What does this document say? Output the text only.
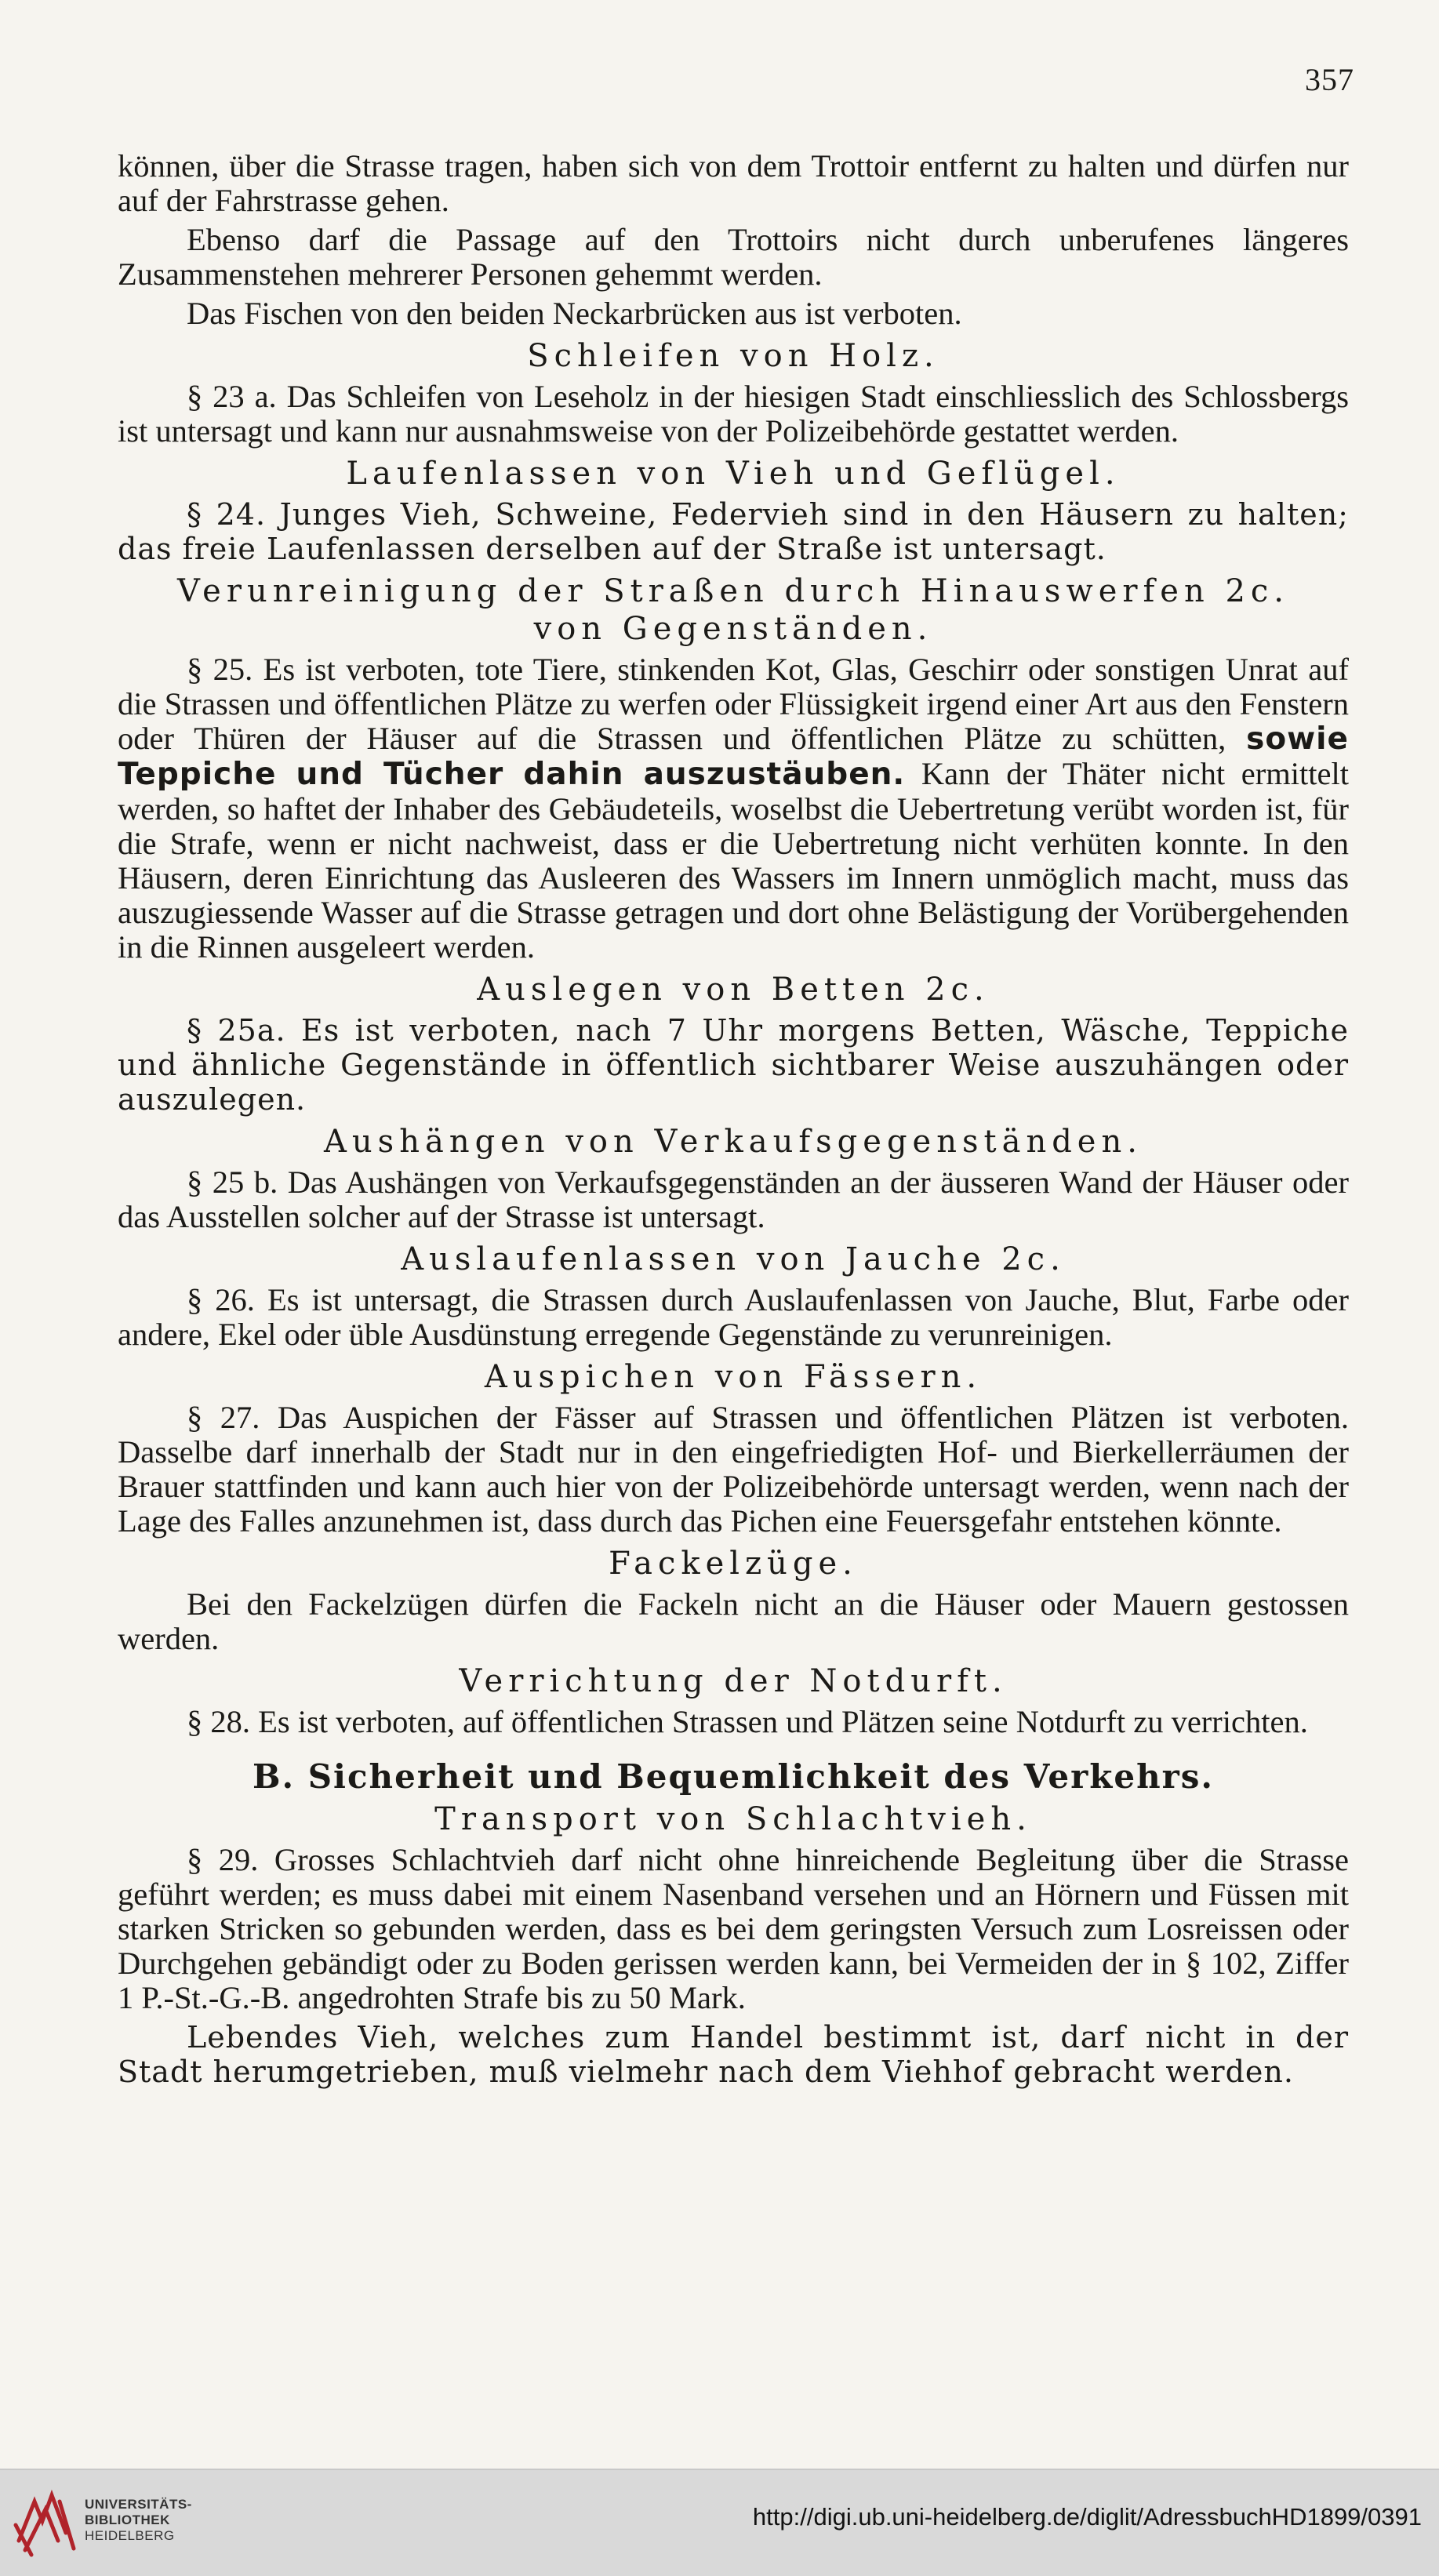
357

können, über die Strasse tragen, haben sich von dem Trottoir entfernt zu halten und dürfen nur auf der Fahrstrasse gehen.

Ebenso darf die Passage auf den Trottoirs nicht durch unberufenes längeres Zusammenstehen mehrerer Personen gehemmt werden.

Das Fischen von den beiden Neckarbrücken aus ist verboten.

Schleifen von Holz.

§ 23 a. Das Schleifen von Leseholz in der hiesigen Stadt einschliesslich des Schlossbergs ist untersagt und kann nur ausnahmsweise von der Polizeibehörde gestattet werden.

Laufenlassen von Vieh und Geflügel.

§ 24. Junges Vieh, Schweine, Federvieh sind in den Häusern zu halten; das freie Laufenlassen derselben auf der Straße ist untersagt.

Verunreinigung der Straßen durch Hinauswerfen 2c.
von Gegenständen.

§ 25. Es ist verboten, tote Tiere, stinkenden Kot, Glas, Geschirr oder sonstigen Unrat auf die Strassen und öffentlichen Plätze zu werfen oder Flüssigkeit irgend einer Art aus den Fenstern oder Thüren der Häuser auf die Strassen und öffentlichen Plätze zu schütten, sowie Teppiche und Tücher dahin auszustäuben. Kann der Thäter nicht ermittelt werden, so haftet der Inhaber des Gebäudeteils, woselbst die Uebertretung verübt worden ist, für die Strafe, wenn er nicht nachweist, dass er die Uebertretung nicht verhüten konnte. In den Häusern, deren Einrichtung das Ausleeren des Wassers im Innern unmöglich macht, muss das auszugiessende Wasser auf die Strasse getragen und dort ohne Belästigung der Vorübergehenden in die Rinnen ausgeleert werden.

Auslegen von Betten 2c.

§ 25a. Es ist verboten, nach 7 Uhr morgens Betten, Wäsche, Teppiche und ähnliche Gegenstände in öffentlich sichtbarer Weise auszuhängen oder auszulegen.

Aushängen von Verkaufsgegenständen.

§ 25 b. Das Aushängen von Verkaufsgegenständen an der äusseren Wand der Häuser oder das Ausstellen solcher auf der Strasse ist untersagt.

Auslaufenlassen von Jauche 2c.

§ 26. Es ist untersagt, die Strassen durch Auslaufenlassen von Jauche, Blut, Farbe oder andere, Ekel oder üble Ausdünstung erregende Gegenstände zu verunreinigen.

Auspichen von Fässern.

§ 27. Das Auspichen der Fässer auf Strassen und öffentlichen Plätzen ist verboten. Dasselbe darf innerhalb der Stadt nur in den eingefriedigten Hof- und Bierkellerräumen der Brauer stattfinden und kann auch hier von der Polizeibehörde untersagt werden, wenn nach der Lage des Falles anzunehmen ist, dass durch das Pichen eine Feuersgefahr entstehen könnte.

Fackelzüge.

Bei den Fackelzügen dürfen die Fackeln nicht an die Häuser oder Mauern gestossen werden.

Verrichtung der Notdurft.

§ 28. Es ist verboten, auf öffentlichen Strassen und Plätzen seine Notdurft zu verrichten.

B. Sicherheit und Bequemlichkeit des Verkehrs.
Transport von Schlachtvieh.

§ 29. Grosses Schlachtvieh darf nicht ohne hinreichende Begleitung über die Strasse geführt werden; es muss dabei mit einem Nasenband versehen und an Hörnern und Füssen mit starken Stricken so gebunden werden, dass es bei dem geringsten Versuch zum Losreissen oder Durchgehen gebändigt oder zu Boden gerissen werden kann, bei Vermeiden der in § 102, Ziffer 1 P.-St.-G.-B. angedrohten Strafe bis zu 50 Mark.

Lebendes Vieh, welches zum Handel bestimmt ist, darf nicht in der Stadt herumgetrieben, muß vielmehr nach dem Viehhof gebracht werden.

UNIVERSITÄTS-
BIBLIOTHEK
HEIDELBERG
http://digi.ub.uni-heidelberg.de/diglit/AdressbuchHD1899/0391
